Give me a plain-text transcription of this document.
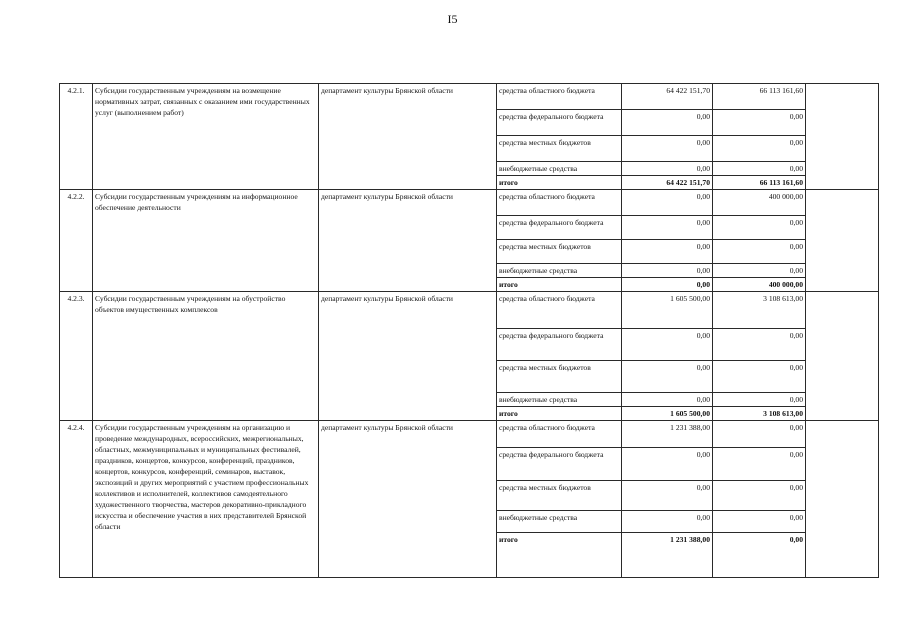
I5
4.2.1.	Субсидии государственным учреждениям на возмещение нормативных затрат, связанных с оказанием ими государственных услуг (выполнением работ)	департамент культуры Брянской области	средства областного бюджета	64 422 151,70	66 113 161,60	
			средства федерального бюджета	0,00	0,00	
			средства местных бюджетов	0,00	0,00	
			внебюджетные средства	0,00	0,00	
			итого	64 422 151,70	66 113 161,60	
4.2.2.	Субсидии государственным учреждениям на информационное обеспечение деятельности	департамент культуры Брянской области	средства областного бюджета	0,00	400 000,00	
			средства федерального бюджета	0,00	0,00	
			средства местных бюджетов	0,00	0,00	
			внебюджетные средства	0,00	0,00	
			итого	0,00	400 000,00	
4.2.3.	Субсидии государственным учреждениям на обустройство объектов имущественных комплексов	департамент культуры Брянской области	средства областного бюджета	1 605 500,00	3 108 613,00	
			средства федерального бюджета	0,00	0,00	
			средства местных бюджетов	0,00	0,00	
			внебюджетные средства	0,00	0,00	
			итого	1 605 500,00	3 108 613,00	
4.2.4.	Субсидии государственным учреждениям на организацию и проведение международных, всероссийских, межрегиональных, областных, межмуниципальных и муниципальных фестивалей, праздников, концертов, конкурсов, конференций, праздников, концертов, конкурсов, конференций, семинаров, выставок, экспозиций и других мероприятий с участием профессиональных коллективов и исполнителей, коллективов самодеятельного художественного творчества, мастеров декоративно-прикладного искусства и обеспечение участия в них представителей Брянской области	департамент культуры Брянской области	средства областного бюджета	1 231 388,00	0,00	
			средства федерального бюджета	0,00	0,00	
			средства местных бюджетов	0,00	0,00	
			внебюджетные средства	0,00	0,00	
			итого	1 231 388,00	0,00	
